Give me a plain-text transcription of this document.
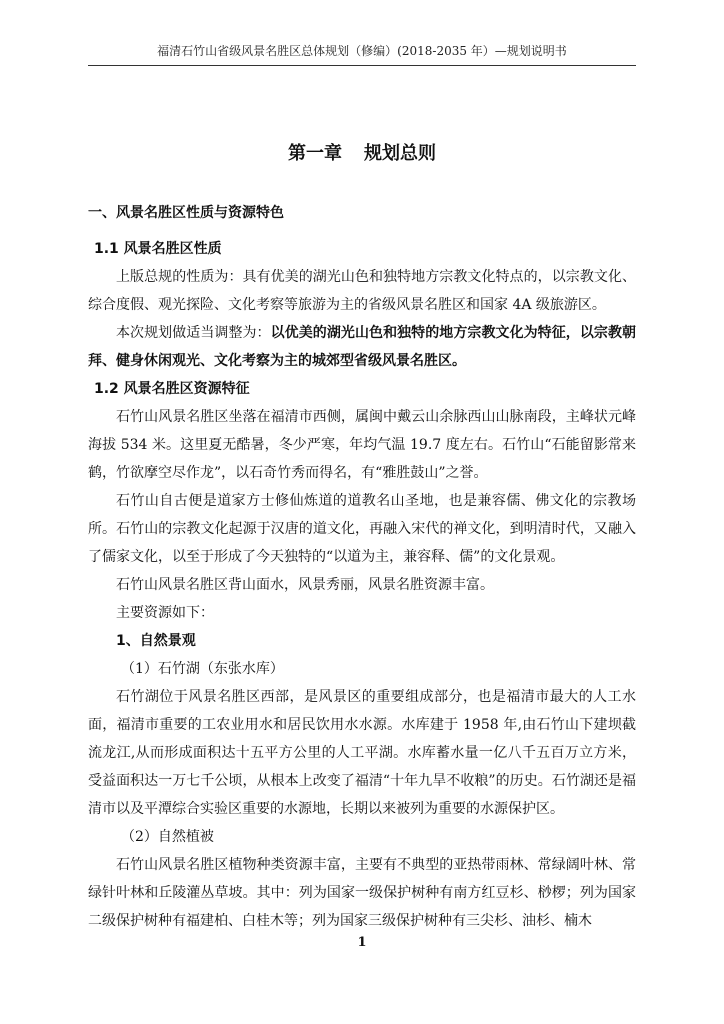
福清石竹山省级风景名胜区总体规划（修编）(2018-2035 年）—规划说明书
第一章 规划总则

一、风景名胜区性质与资源特色

1.1 风景名胜区性质

上版总规的性质为：具有优美的湖光山色和独特地方宗教文化特点的，以宗教文化、综合度假、观光探险、文化考察等旅游为主的省级风景名胜区和国家 4A 级旅游区。

本次规划做适当调整为：以优美的湖光山色和独特的地方宗教文化为特征，以宗教朝拜、健身休闲观光、文化考察为主的城郊型省级风景名胜区。

1.2 风景名胜区资源特征

石竹山风景名胜区坐落在福清市西侧，属闽中戴云山余脉西山山脉南段，主峰状元峰海拔 534 米。这里夏无酷暑，冬少严寒，年均气温 19.7 度左右。石竹山“石能留影常来鹤，竹欲摩空尽作龙”，以石奇竹秀而得名，有“雅胜鼓山”之誉。

石竹山自古便是道家方士修仙炼道的道教名山圣地，也是兼容儒、佛文化的宗教场所。石竹山的宗教文化起源于汉唐的道文化，再融入宋代的禅文化，到明清时代，又融入了儒家文化，以至于形成了今天独特的“以道为主，兼容释、儒”的文化景观。

石竹山风景名胜区背山面水，风景秀丽，风景名胜资源丰富。

主要资源如下：

1、自然景观

（1）石竹湖（东张水库）

石竹湖位于风景名胜区西部，是风景区的重要组成部分，也是福清市最大的人工水面，福清市重要的工农业用水和居民饮用水水源。水库建于 1958 年,由石竹山下建坝截流龙江,从而形成面积达十五平方公里的人工平湖。水库蓄水量一亿八千五百万立方米，受益面积达一万七千公顷，从根本上改变了福清“十年九旱不收粮”的历史。石竹湖还是福清市以及平潭综合实验区重要的水源地，长期以来被列为重要的水源保护区。

（2）自然植被

石竹山风景名胜区植物种类资源丰富，主要有不典型的亚热带雨林、常绿阔叶林、常绿针叶林和丘陵灌丛草坡。其中：列为国家一级保护树种有南方红豆杉、桫椤；列为国家二级保护树种有福建柏、白桂木等；列为国家三级保护树种有三尖杉、油杉、楠木

1
